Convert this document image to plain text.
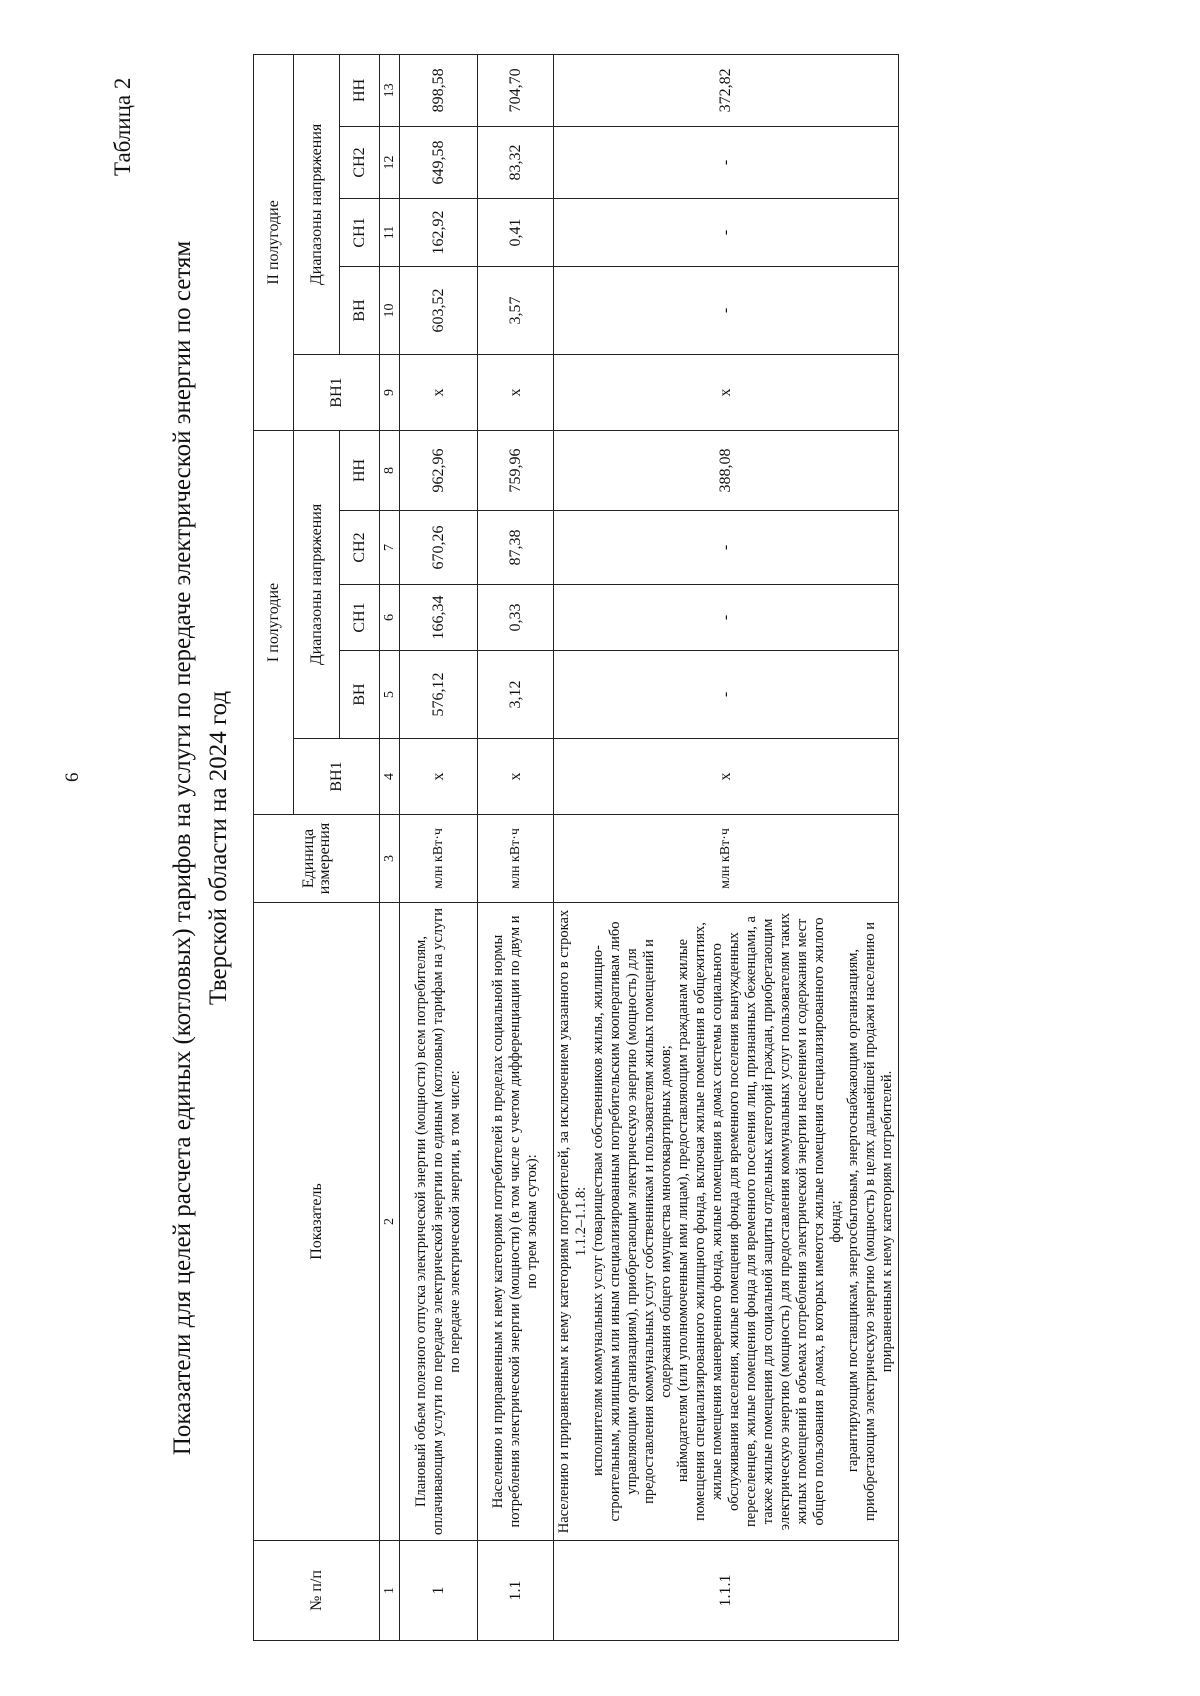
6
Таблица 2
Показатели для целей расчета единых (котловых) тарифов на услуги по передаче электрической энергии по сетям Тверской области на 2024 год
№ п/п	Показатель	Единица измерения	I полугодие					II полугодие				
			ВН1	Диапазоны напряжения				ВН1	Диапазоны напряжения			
				ВН	СН1	СН2	НН		ВН	СН1	СН2	НН
1	2	3	4	5	6	7	8	9	10	11	12	13
1	Плановый объем полезного отпуска электрической энергии (мощности) всем потребителям, оплачивающим услуги по передаче электрической энергии по единым (котловым) тарифам на услуги по передаче электрической энергии, в том числе:	млн кВт·ч	x	576,12	166,34	670,26	962,96	x	603,52	162,92	649,58	898,58
1.1	Населению и приравненным к нему категориям потребителей в пределах социальной нормы потребления электрической энергии (мощности) (в том числе с учетом дифференциации по двум и по трем зонам суток):	млн кВт·ч	x	3,12	0,33	87,38	759,96	x	3,57	0,41	83,32	704,70
1.1.1	Населению и приравненным к нему категориям потребителей, за исключением указанного в строках 1.1.2–1.1.8: исполнителям коммунальных услуг (товариществам собственников жилья, жилищно-строительным, жилищным или иным специализированным потребительским кооперативам либо управляющим организациям), приобретающим электрическую энергию (мощность) для предоставления коммунальных услуг собственникам и пользователям жилых помещений и содержания общего имущества многоквартирных домов; наймодателям (или уполномоченным ими лицам), предоставляющим гражданам жилые помещения специализированного жилищного фонда, включая жилые помещения в общежитиях, жилые помещения маневренного фонда, жилые помещения в домах системы социального обслуживания населения, жилые помещения фонда для временного поселения вынужденных переселенцев, жилые помещения фонда для временного поселения лиц, признанных беженцами, а также жилые помещения для социальной защиты отдельных категорий граждан, приобретающим электрическую энергию (мощность) для предоставления коммунальных услуг пользователям таких жилых помещений в объемах потребления электрической энергии населением и содержания мест общего пользования в домах, в которых имеются жилые помещения специализированного жилого фонда; гарантирующим поставщикам, энергосбытовым, энергоснабжающим организациям, приобретающим электрическую энергию (мощность) в целях дальнейшей продажи населению и приравненным к нему категориям потребителей.	млн кВт·ч	x	-	-	-	388,08	x	-	-	-	372,82
